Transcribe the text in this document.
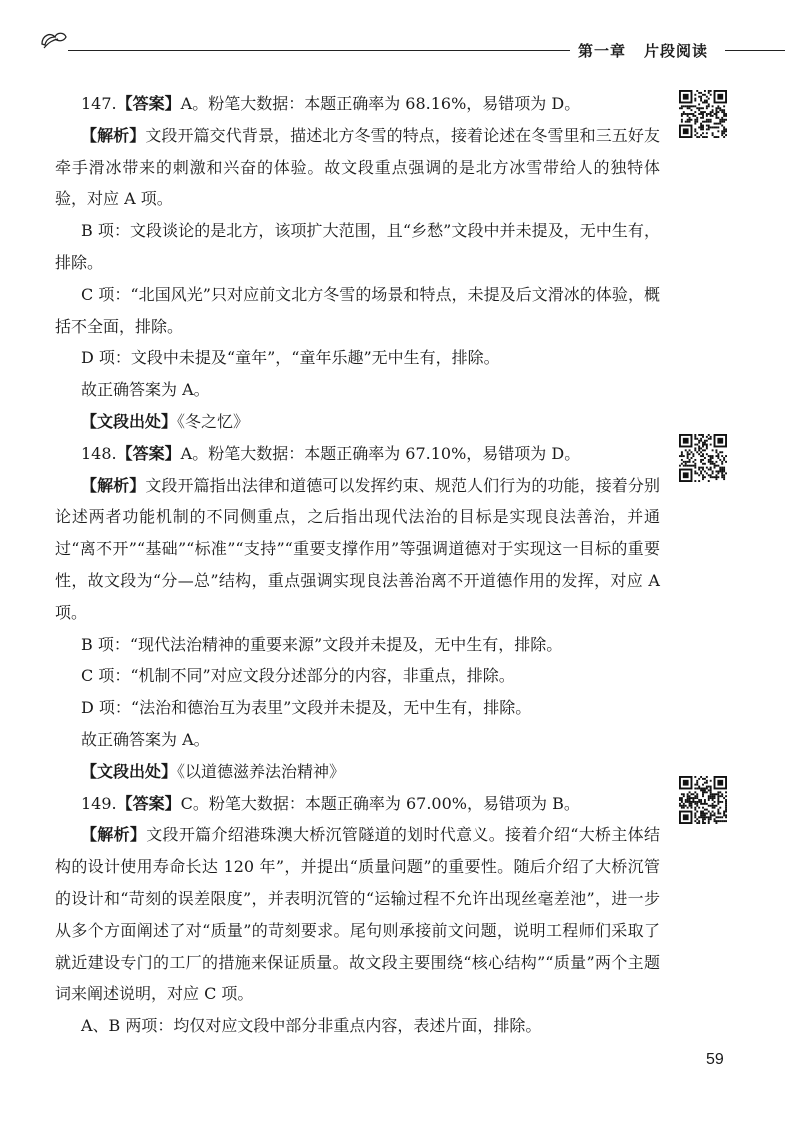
第一章 片段阅读

147.【答案】A。粉笔大数据：本题正确率为 68.16%，易错项为 D。

【解析】文段开篇交代背景，描述北方冬雪的特点，接着论述在冬雪里和三五好友牵手滑冰带来的刺激和兴奋的体验。故文段重点强调的是北方冰雪带给人的独特体验，对应 A 项。

B 项：文段谈论的是北方，该项扩大范围，且“乡愁”文段中并未提及，无中生有，排除。

C 项：“北国风光”只对应前文北方冬雪的场景和特点，未提及后文滑冰的体验，概括不全面，排除。

D 项：文段中未提及“童年”，“童年乐趣”无中生有，排除。

故正确答案为 A。

【文段出处】《冬之忆》

148.【答案】A。粉笔大数据：本题正确率为 67.10%，易错项为 D。

【解析】文段开篇指出法律和道德可以发挥约束、规范人们行为的功能，接着分别论述两者功能机制的不同侧重点，之后指出现代法治的目标是实现良法善治，并通过“离不开”“基础”“标准”“支持”“重要支撑作用”等强调道德对于实现这一目标的重要性，故文段为“分—总”结构，重点强调实现良法善治离不开道德作用的发挥，对应 A 项。

B 项：“现代法治精神的重要来源”文段并未提及，无中生有，排除。

C 项：“机制不同”对应文段分述部分的内容，非重点，排除。

D 项：“法治和德治互为表里”文段并未提及，无中生有，排除。

故正确答案为 A。

【文段出处】《以道德滋养法治精神》

149.【答案】C。粉笔大数据：本题正确率为 67.00%，易错项为 B。

【解析】文段开篇介绍港珠澳大桥沉管隧道的划时代意义。接着介绍“大桥主体结构的设计使用寿命长达 120 年”，并提出“质量问题”的重要性。随后介绍了大桥沉管的设计和“苛刻的误差限度”，并表明沉管的“运输过程不允许出现丝毫差池”，进一步从多个方面阐述了对“质量”的苛刻要求。尾句则承接前文问题，说明工程师们采取了就近建设专门的工厂的措施来保证质量。故文段主要围绕“核心结构”“质量”两个主题词来阐述说明，对应 C 项。

A、B 两项：均仅对应文段中部分非重点内容，表述片面，排除。

59
